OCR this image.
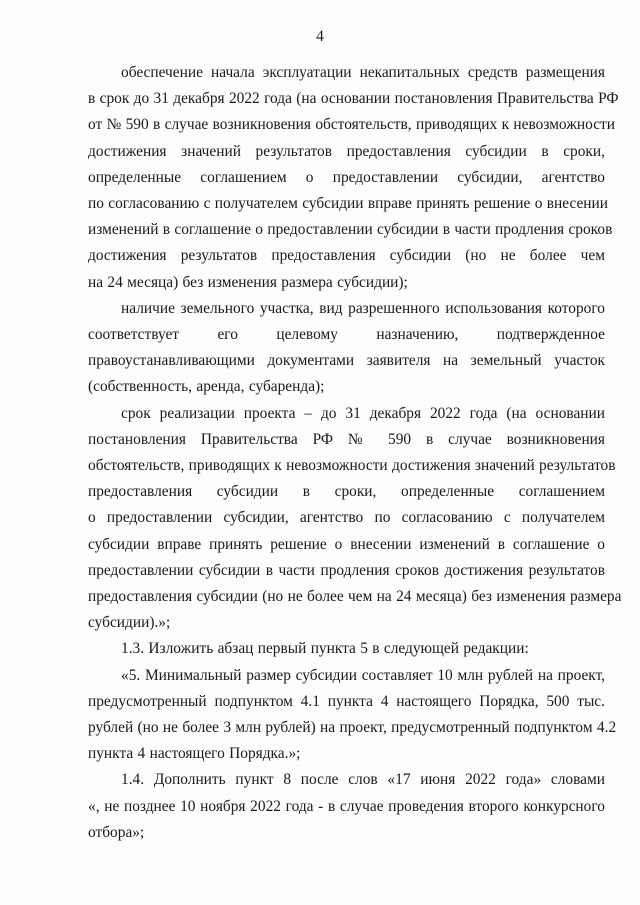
4

обеспечение начала эксплуатации некапитальных средств размещения
в срок до 31 декабря 2022 года (на основании постановления Правительства РФ
от № 590 в случае возникновения обстоятельств, приводящих к невозможности
достижения значений результатов предоставления субсидии в сроки,
определенные соглашением о предоставлении субсидии, агентство
по согласованию с получателем субсидии вправе принять решение о внесении
изменений в соглашение о предоставлении субсидии в части продления сроков
достижения результатов предоставления субсидии (но не более чем
на 24 месяца) без изменения размера субсидии);

наличие земельного участка, вид разрешенного использования которого
соответствует его целевому назначению, подтвержденное
правоустанавливающими документами заявителя на земельный участок
(собственность, аренда, субаренда);

срок реализации проекта – до 31 декабря 2022 года (на основании
постановления Правительства РФ № 590 в случае возникновения
обстоятельств, приводящих к невозможности достижения значений результатов
предоставления субсидии в сроки, определенные соглашением
о предоставлении субсидии, агентство по согласованию с получателем
субсидии вправе принять решение о внесении изменений в соглашение о
предоставлении субсидии в части продления сроков достижения результатов
предоставления субсидии (но не более чем на 24 месяца) без изменения размера
субсидии).»;

1.3. Изложить абзац первый пункта 5 в следующей редакции:

«5. Минимальный размер субсидии составляет 10 млн рублей на проект,
предусмотренный подпунктом 4.1 пункта 4 настоящего Порядка, 500 тыс.
рублей (но не более 3 млн рублей) на проект, предусмотренный подпунктом 4.2
пункта 4 настоящего Порядка.»;

1.4. Дополнить пункт 8 после слов «17 июня 2022 года» словами
«, не позднее 10 ноября 2022 года - в случае проведения второго конкурсного
отбора»;
